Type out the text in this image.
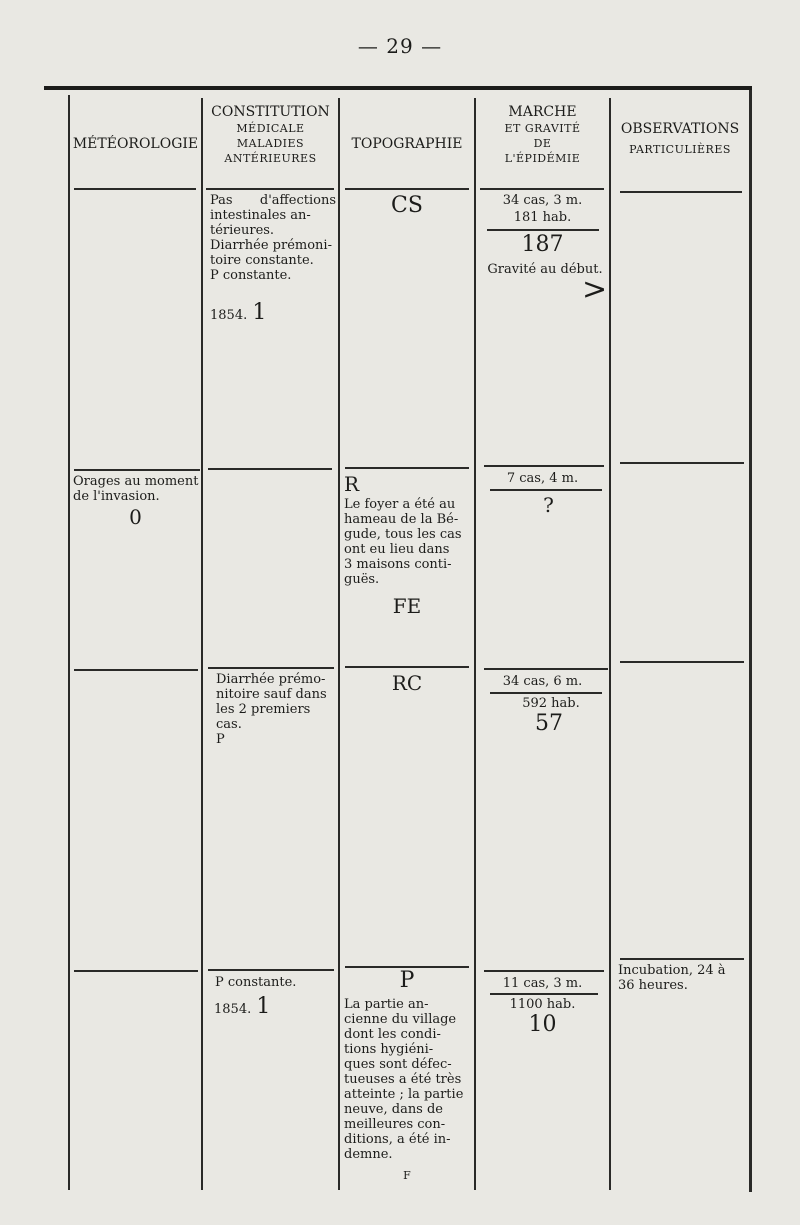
— 29 —
MÉTÉOROLOGIE
CONSTITUTION
MÉDICALE
MALADIES
ANTÉRIEURES
TOPOGRAPHIE
MARCHE
ET GRAVITÉ
DE
L'ÉPIDÉMIE
OBSERVATIONS
PARTICULIÈRES
Pas d'affections intestinales an-
térieures.
Diarrhée prémoni-
toire constante.
P constante.
1854. 1
CS	34 cas, 3 m.
181 hab.
187
Gravité au début.
>
Orages au moment
de l'invasion.
0
R
Le foyer a été au
hameau de la Bé-
gude, tous les cas
ont eu lieu dans
3 maisons conti-
guës.
FE
7 cas, 4 m.
?
Diarrhée prémo-
nitoire sauf dans
les 2 premiers
cas.
P
RC	34 cas, 6 m.
592 hab.
57
P constante.
1854. 1
P
La partie an-
cienne du village
dont les condi-
tions hygiéni-
ques sont défec-
tueuses a été très
atteinte ; la partie
neuve, dans de
meilleures con-
ditions, a été in-
demne.
F
11 cas, 3 m.
1100 hab.
10
Incubation, 24 à
36 heures.
